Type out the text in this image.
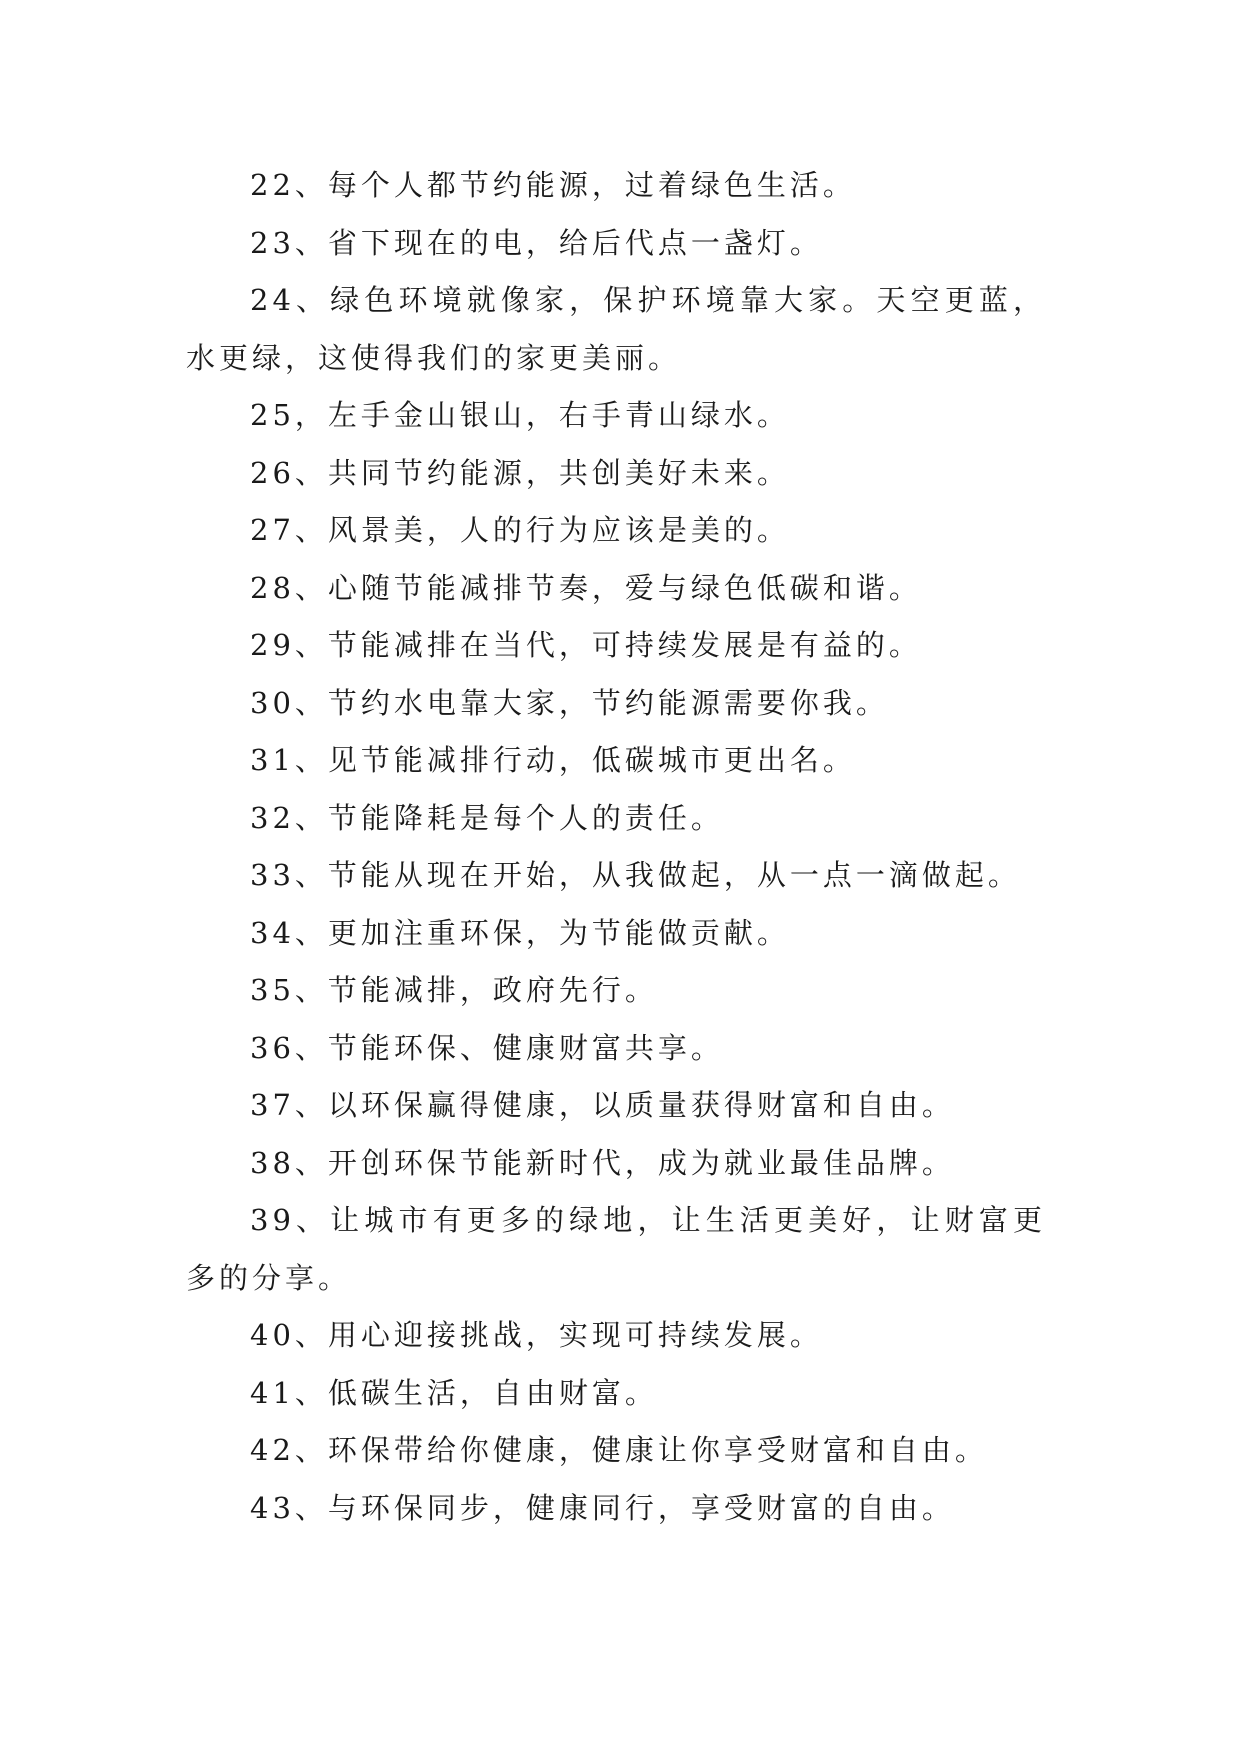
22、每个人都节约能源，过着绿色生活。

23、省下现在的电，给后代点一盏灯。

24、绿色环境就像家，保护环境靠大家。天空更蓝，水更绿，这使得我们的家更美丽。

25，左手金山银山，右手青山绿水。

26、共同节约能源，共创美好未来。

27、风景美，人的行为应该是美的。

28、心随节能减排节奏，爱与绿色低碳和谐。

29、节能减排在当代，可持续发展是有益的。

30、节约水电靠大家，节约能源需要你我。

31、见节能减排行动，低碳城市更出名。

32、节能降耗是每个人的责任。

33、节能从现在开始，从我做起，从一点一滴做起。

34、更加注重环保，为节能做贡献。

35、节能减排，政府先行。

36、节能环保、健康财富共享。

37、以环保赢得健康，以质量获得财富和自由。

38、开创环保节能新时代，成为就业最佳品牌。

39、让城市有更多的绿地，让生活更美好，让财富更多的分享。

40、用心迎接挑战，实现可持续发展。

41、低碳生活，自由财富。

42、环保带给你健康，健康让你享受财富和自由。

43、与环保同步，健康同行，享受财富的自由。
